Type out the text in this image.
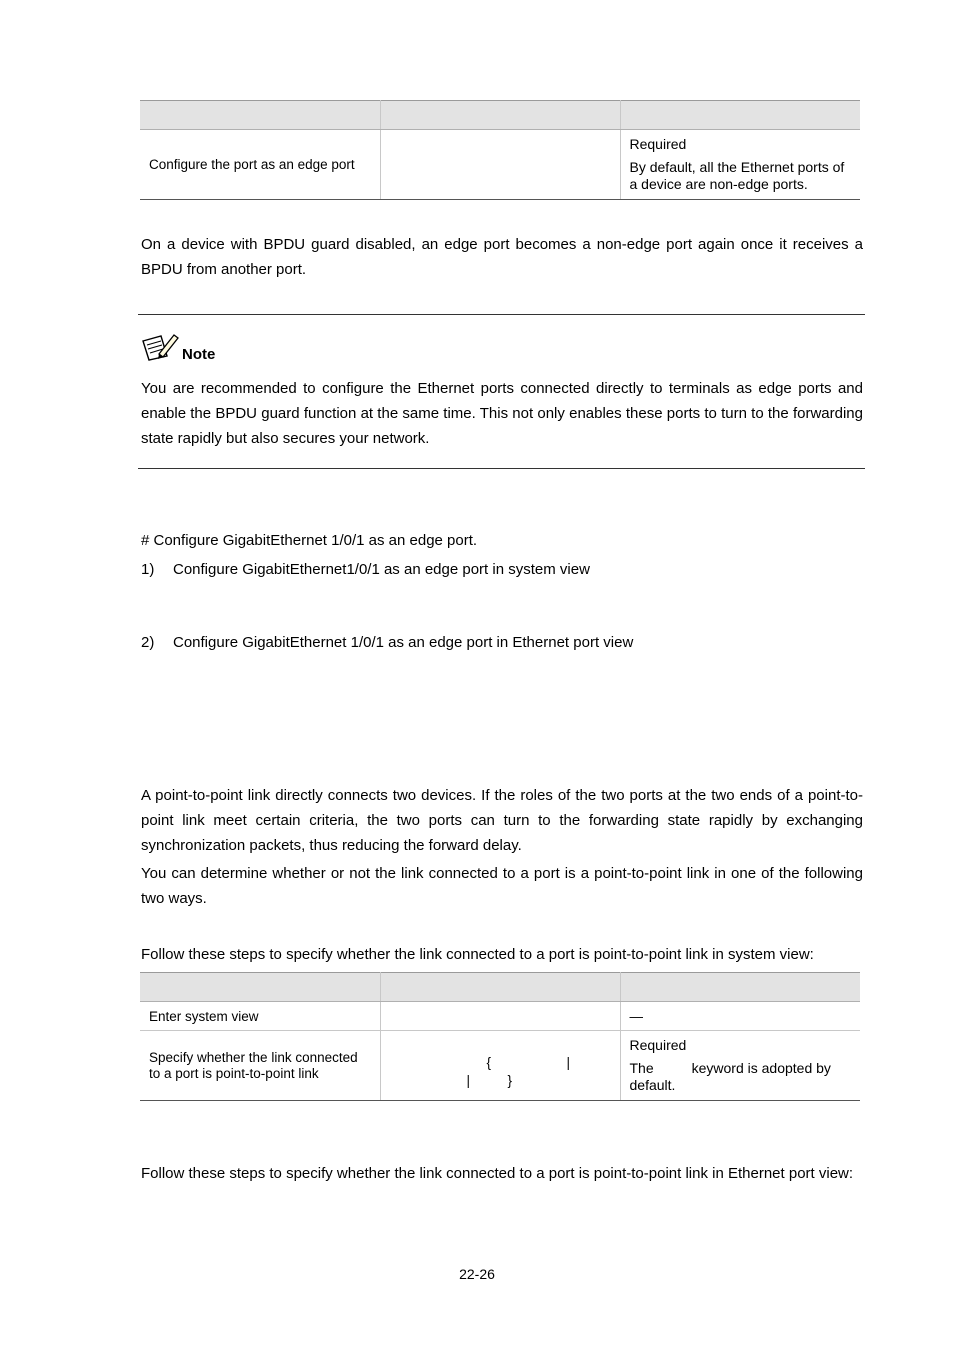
Configure the port as an edge port		Required
By default, all the Ethernet ports of a device are non-edge ports.

On a device with BPDU guard disabled, an edge port becomes a non-edge port again once it receives a BPDU from another port.

Note

You are recommended to configure the Ethernet ports connected directly to terminals as edge ports and enable the BPDU guard function at the same time. This not only enables these ports to turn to the forwarding state rapidly but also secures your network.

# Configure GigabitEthernet 1/0/1 as an edge port.
1) Configure GigabitEthernet1/0/1 as an edge port in system view
2) Configure GigabitEthernet 1/0/1 as an edge port in Ethernet port view

A point-to-point link directly connects two devices. If the roles of the two ports at the two ends of a point-to-point link meet certain criteria, the two ports can turn to the forwarding state rapidly by exchanging synchronization packets, thus reducing the forward delay.

You can determine whether or not the link connected to a port is a point-to-point link in one of the following two ways.

Follow these steps to specify whether the link connected to a port is point-to-point link in system view:

Enter system view		—

Specify whether the link connected to a port is point-to-point link	{ |
| }	Required
The keyword is adopted by
default.

Follow these steps to specify whether the link connected to a port is point-to-point link in Ethernet port view:

22-26
